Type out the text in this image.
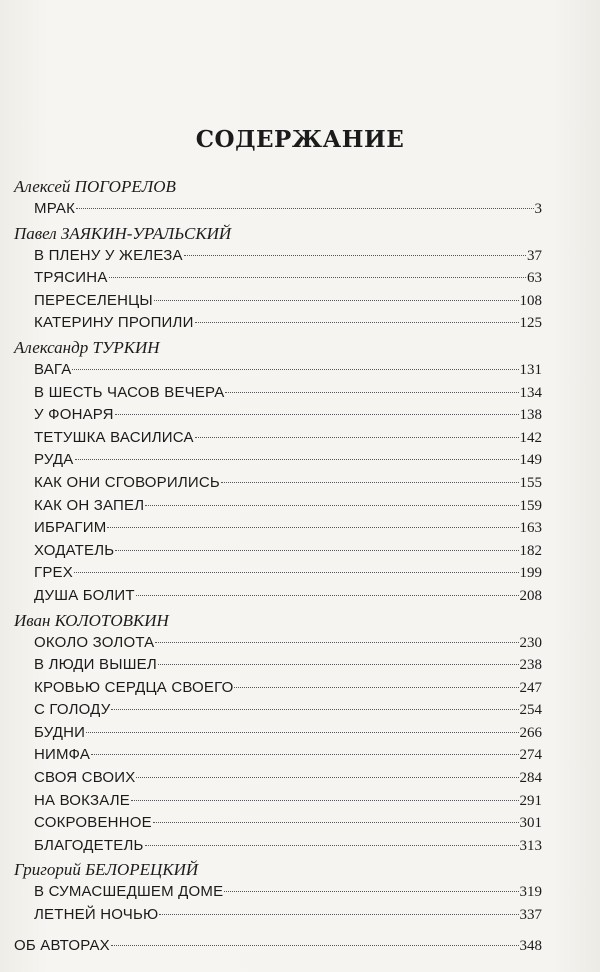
СОДЕРЖАНИЕ
Алексей ПОГОРЕЛОВ
МРАК	3
Павел ЗАЯКИН-УРАЛЬСКИЙ
В ПЛЕНУ У ЖЕЛЕЗА	37
ТРЯСИНА	63
ПЕРЕСЕЛЕНЦЫ	108
КАТЕРИНУ ПРОПИЛИ	125
Александр ТУРКИН
ВАГА	131
В ШЕСТЬ ЧАСОВ ВЕЧЕРА	134
У ФОНАРЯ	138
ТЕТУШКА ВАСИЛИСА	142
РУДА	149
КАК ОНИ СГОВОРИЛИСЬ	155
КАК ОН ЗАПЕЛ	159
ИБРАГИМ	163
ХОДАТЕЛЬ	182
ГРЕХ	199
ДУША БОЛИТ	208
Иван КОЛОТОВКИН
ОКОЛО ЗОЛОТА	230
В ЛЮДИ ВЫШЕЛ	238
КРОВЬЮ СЕРДЦА СВОЕГО	247
С ГОЛОДУ	254
БУДНИ	266
НИМФА	274
СВОЯ СВОИХ	284
НА ВОКЗАЛЕ	291
СОКРОВЕННОЕ	301
БЛАГОДЕТЕЛЬ	313
Григорий БЕЛОРЕЦКИЙ
В СУМАСШЕДШЕМ ДОМЕ	319
ЛЕТНЕЙ НОЧЬЮ	337
ОБ АВТОРАХ	348
